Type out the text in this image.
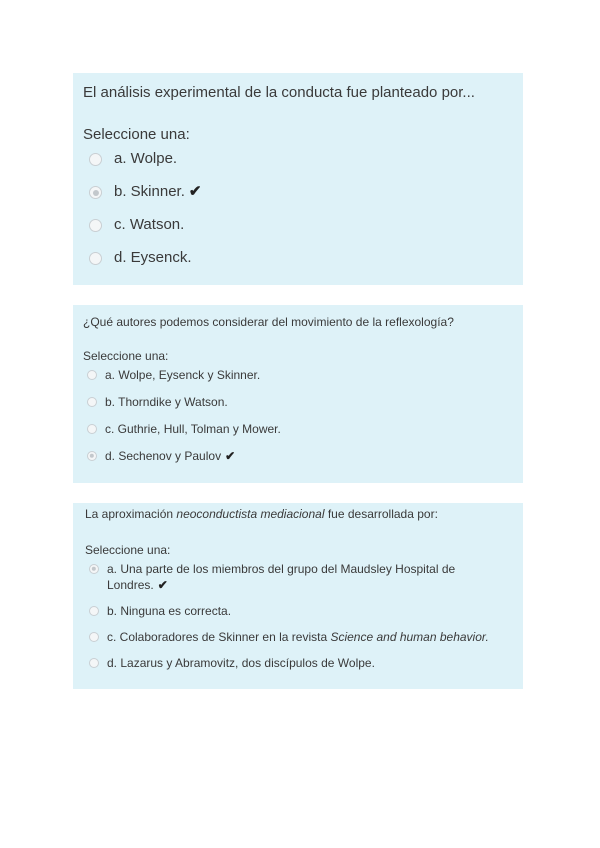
El análisis experimental de la conducta fue planteado por...

Seleccione una:

a. Wolpe.
b. Skinner. ✔
c. Watson.
d. Eysenck.

¿Qué autores podemos considerar del movimiento de la reflexología?

Seleccione una:

a. Wolpe, Eysenck y Skinner.
b. Thorndike y Watson.
c. Guthrie, Hull, Tolman y Mower.
d. Sechenov y Paulov ✔

La aproximación neoconductista mediacional fue desarrollada por:

Seleccione una:

a. Una parte de los miembros del grupo del Maudsley Hospital de Londres. ✔
b. Ninguna es correcta.
c. Colaboradores de Skinner en la revista Science and human behavior.
d. Lazarus y Abramovitz, dos discípulos de Wolpe.
